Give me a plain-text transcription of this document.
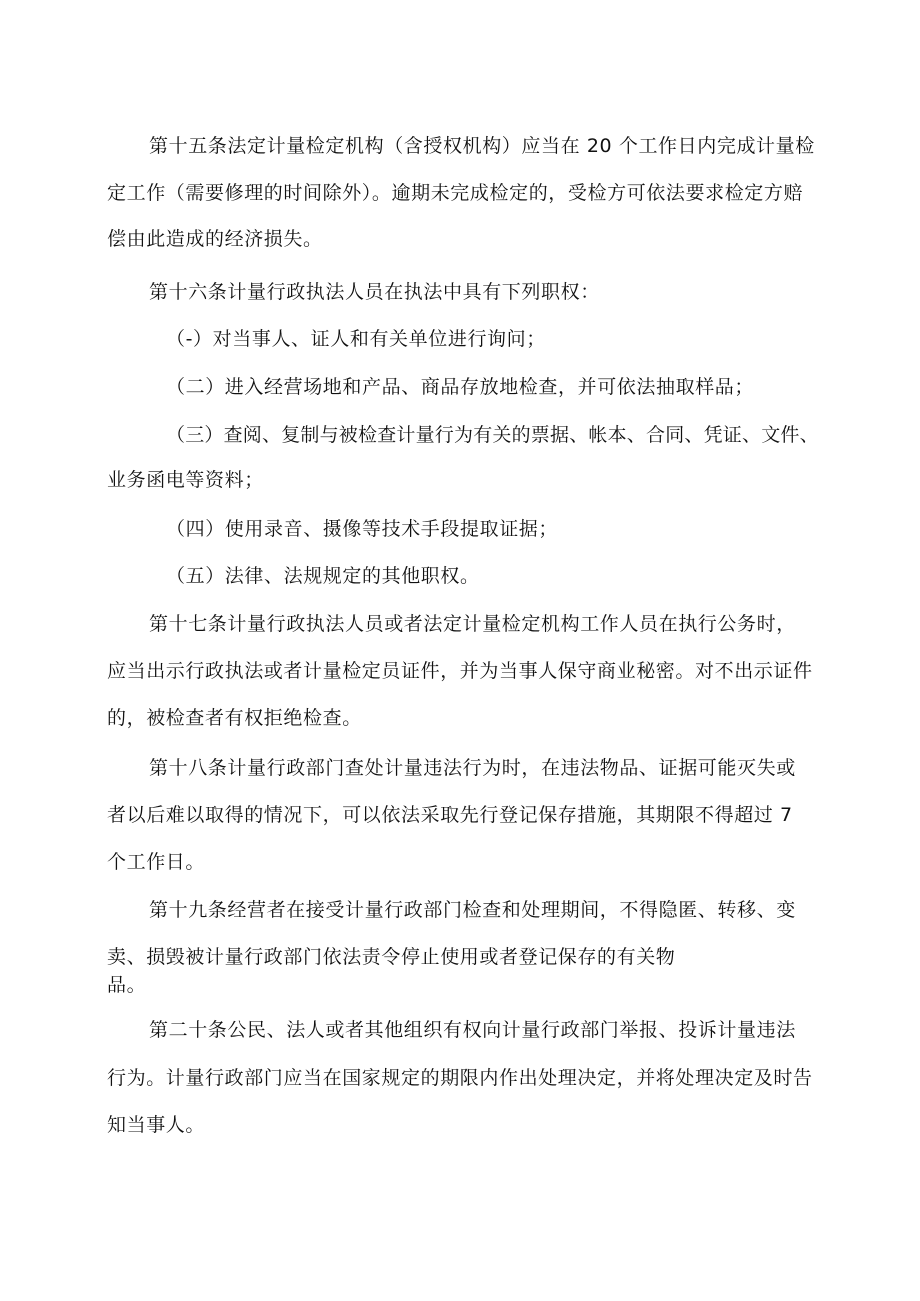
第十五条法定计量检定机构（含授权机构）应当在 20 个工作日内完成计量检
定工作（需要修理的时间除外）。逾期未完成检定的，受检方可依法要求检定方赔
偿由此造成的经济损失。
第十六条计量行政执法人员在执法中具有下列职权：
（-）对当事人、证人和有关单位进行询问；
（二）进入经营场地和产品、商品存放地检查，并可依法抽取样品；
（三）查阅、复制与被检查计量行为有关的票据、帐本、合同、凭证、文件、
业务函电等资料；
（四）使用录音、摄像等技术手段提取证据；
（五）法律、法规规定的其他职权。
第十七条计量行政执法人员或者法定计量检定机构工作人员在执行公务时，
应当出示行政执法或者计量检定员证件，并为当事人保守商业秘密。对不出示证件
的，被检查者有权拒绝检查。
第十八条计量行政部门查处计量违法行为时，在违法物品、证据可能灭失或
者以后难以取得的情况下，可以依法采取先行登记保存措施，其期限不得超过 7
个工作日。
第十九条经营者在接受计量行政部门检查和处理期间，不得隐匿、转移、变
卖、损毁被计量行政部门依法责令停止使用或者登记保存的有关物
品。
第二十条公民、法人或者其他组织有权向计量行政部门举报、投诉计量违法
行为。计量行政部门应当在国家规定的期限内作出处理决定，并将处理决定及时告
知当事人。
